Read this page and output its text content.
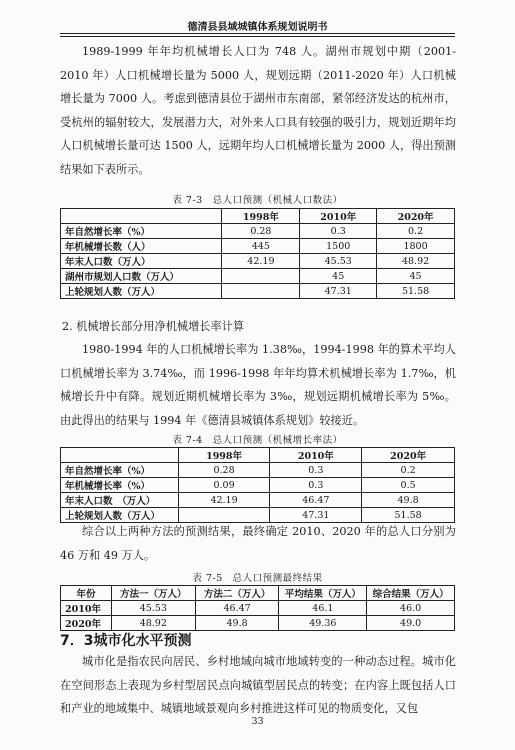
德清县县域城镇体系规划说明书
1989-1999 年年均机械增长人口为 748 人。湖州市规划中期（2001-2010 年）人口机械增长量为 5000 人，规划远期（2011-2020 年）人口机械增长量为 7000 人。考虑到德清县位于湖州市东南部，紧邻经济发达的杭州市，受杭州的辐射较大，发展潜力大，对外来人口具有较强的吸引力，规划近期年均人口机械增长量可达 1500 人，远期年均人口机械增长量为 2000 人，得出预测结果如下表所示。
表 7-3　总人口预测（机械人口数法）
	1998年	2010年	2020年
年自然增长率（%）	0.28	0.3	0.2
年机械增长数（人）	445	1500	1800
年末人口数（万人）	42.19	45.53	48.92
湖州市规划人口数（万人）		45	45
上轮规划人数（万人）		47.31	51.58
2. 机械增长部分用净机械增长率计算
1980-1994 年的人口机械增长率为 1.38‰，1994-1998 年的算术平均人口机械增长率为 3.74‰，而 1996-1998 年年均算术机械增长率为 1.7‰，机械增长升中有降。规划近期机械增长率为 3‰，规划远期机械增长率为 5‰。由此得出的结果与 1994 年《德清县城镇体系规划》较接近。
表 7-4　总人口预测（机械增长率法）
	1998年	2010年	2020年
年自然增长率（%）	0.28	0.3	0.2
年机械增长率（%）	0.09	0.3	0.5
年末人口数　（万人）	42.19	46.47	49.8
上轮规划人数（万人）		47.31	51.58
综合以上两种方法的预测结果，最终确定 2010、2020 年的总人口分别为 46 万和 49 万人。
表 7-5　总人口预测最终结果
年份	方法一（万人）	方法二（万人）	平均结果（万人）	综合结果（万人）
2010年	45.53	46.47	46.1	46.0
2020年	48.92	49.8	49.36	49.0
7．3城市化水平预测
城市化是指农民向居民、乡村地域向城市地域转变的一种动态过程。城市化在空间形态上表现为乡村型居民点向城镇型居民点的转变；在内容上既包括人口和产业的地域集中、城镇地域景观向乡村推进这样可见的物质变化，又包
33
